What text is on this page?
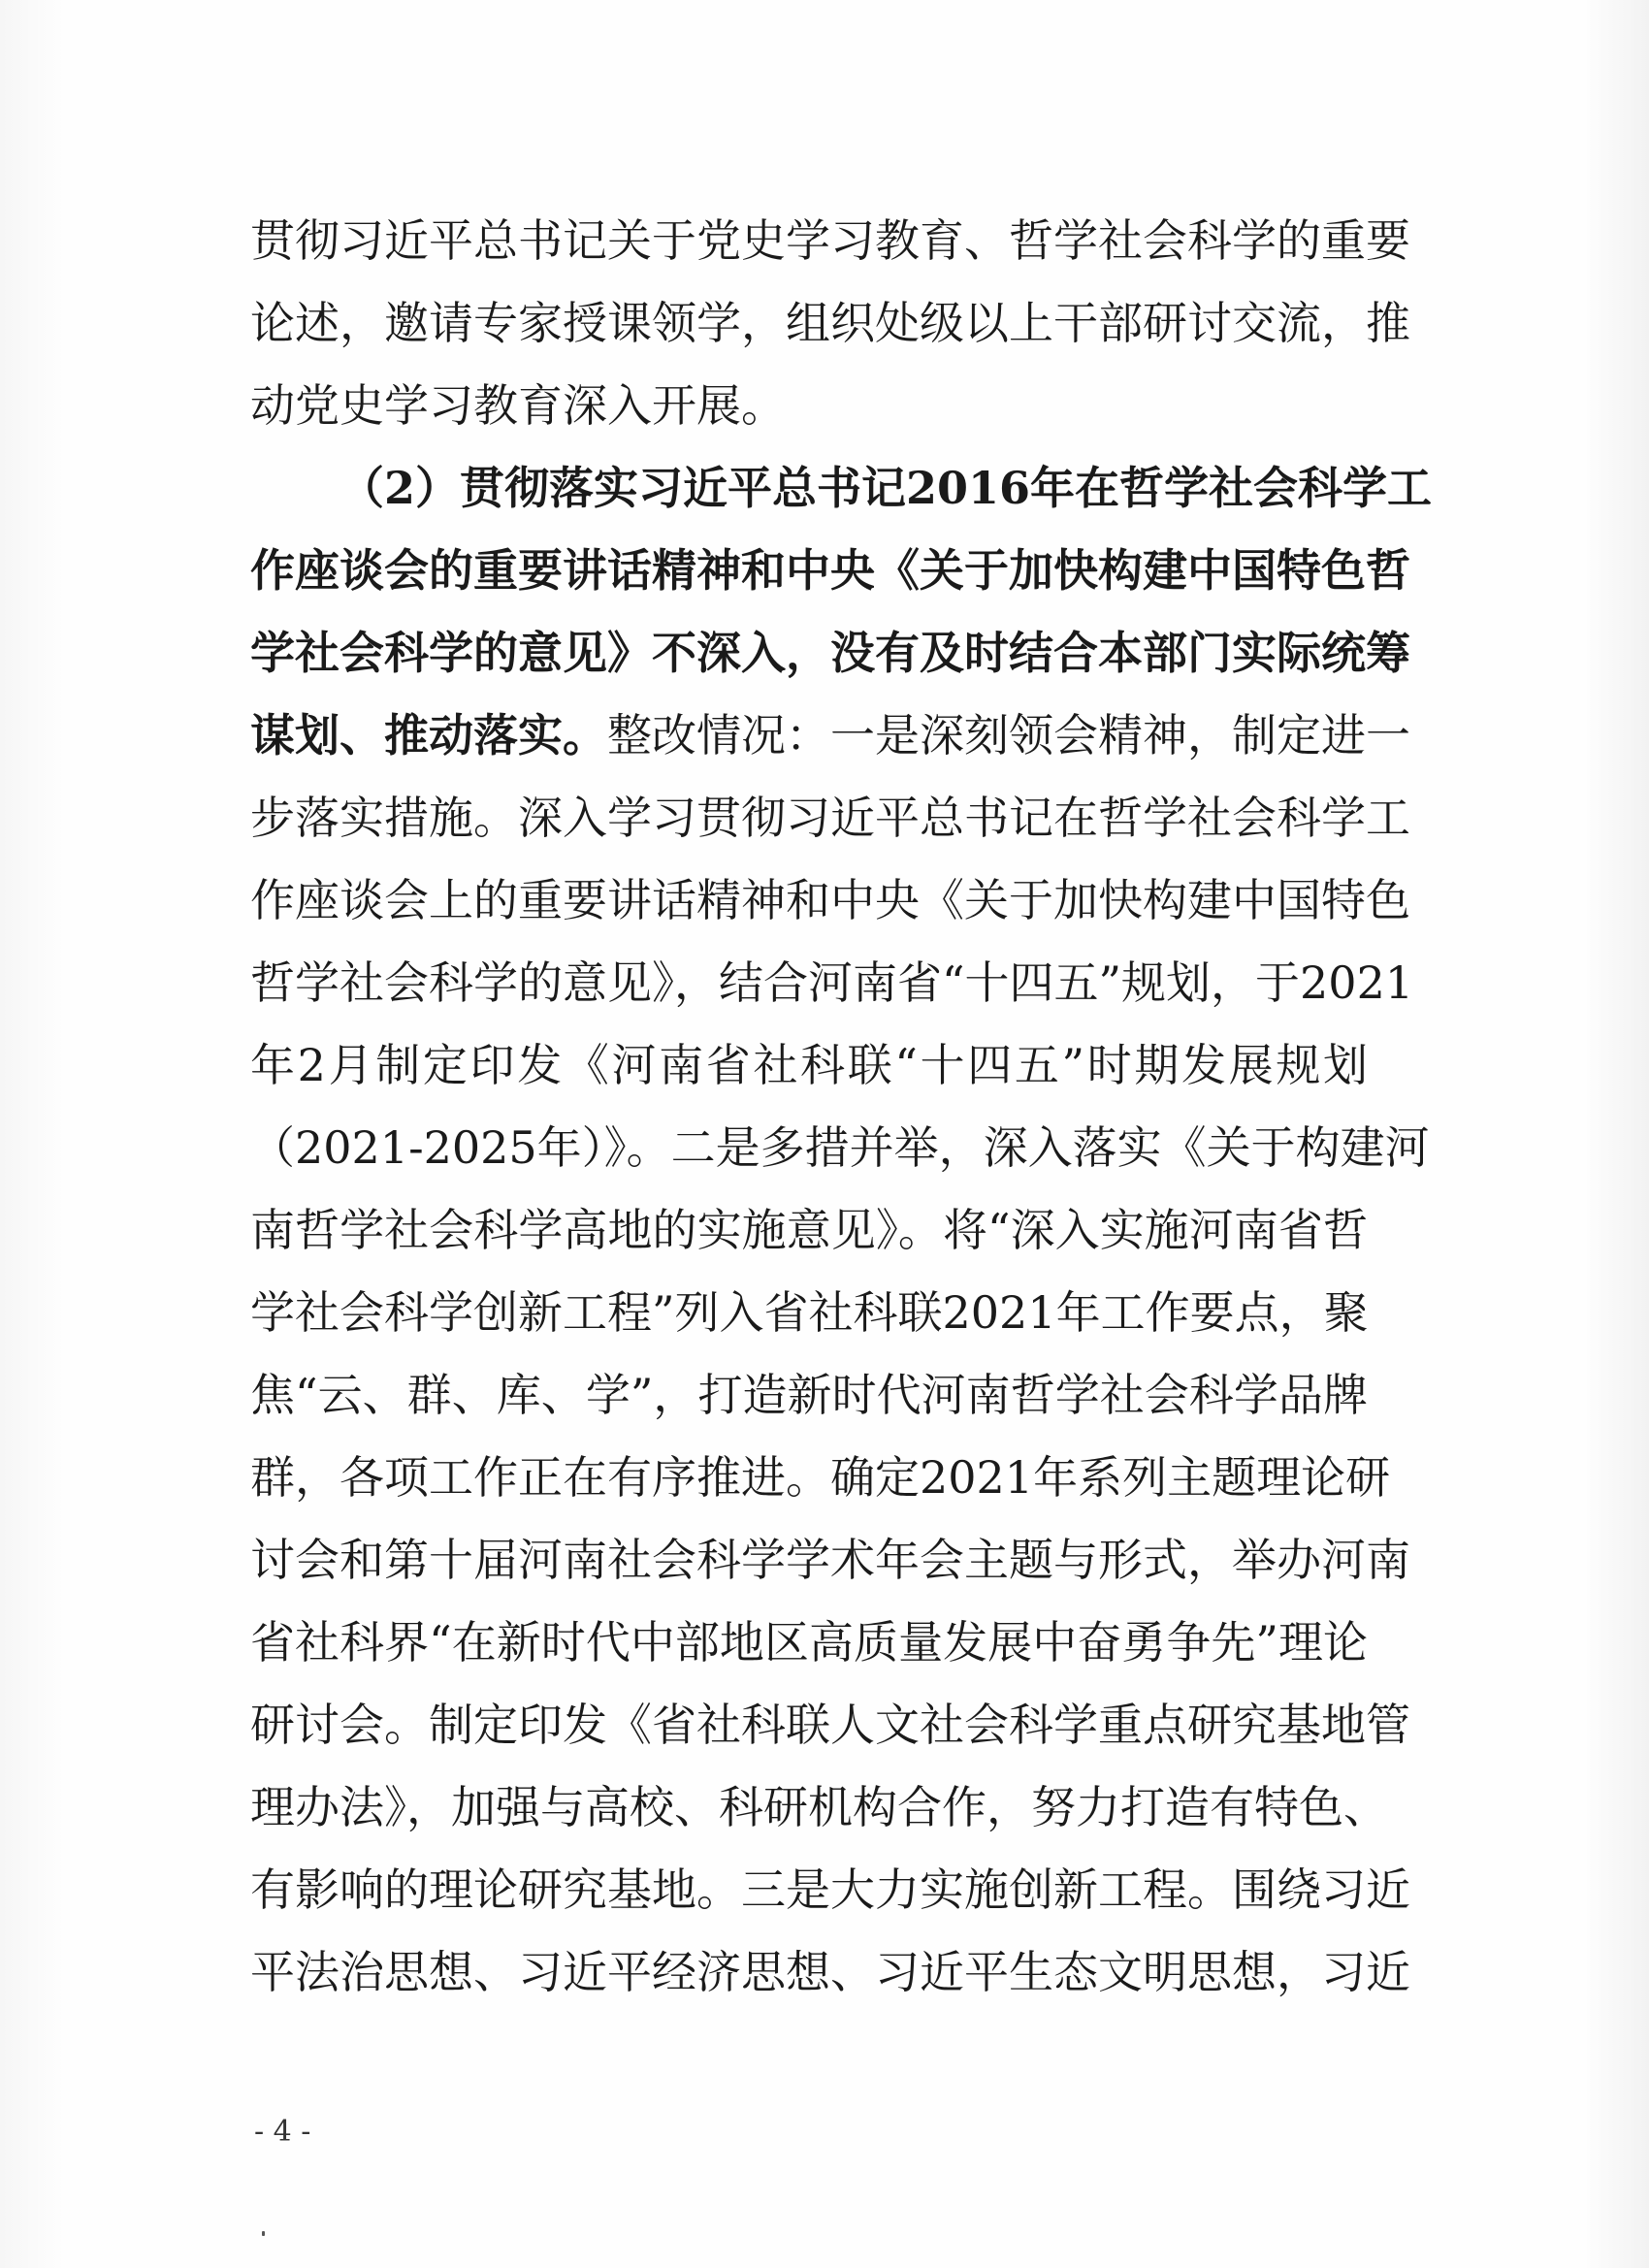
贯彻习近平总书记关于党史学习教育、哲学社会科学的重要
论述，邀请专家授课领学，组织处级以上干部研讨交流，推
动党史学习教育深入开展。
（2）贯彻落实习近平总书记2016年在哲学社会科学工
作座谈会的重要讲话精神和中央《关于加快构建中国特色哲
学社会科学的意见》不深入，没有及时结合本部门实际统筹
谋划、推动落实。整改情况：一是深刻领会精神，制定进一
步落实措施。深入学习贯彻习近平总书记在哲学社会科学工
作座谈会上的重要讲话精神和中央《关于加快构建中国特色
哲学社会科学的意见》，结合河南省“十四五”规划，于2021
年2月制定印发《河南省社科联“十四五”时期发展规划
（2021-2025年）》。二是多措并举，深入落实《关于构建河
南哲学社会科学高地的实施意见》。将“深入实施河南省哲
学社会科学创新工程”列入省社科联2021年工作要点，聚
焦“云、群、库、学”，打造新时代河南哲学社会科学品牌
群，各项工作正在有序推进。确定2021年系列主题理论研
讨会和第十届河南社会科学学术年会主题与形式，举办河南
省社科界“在新时代中部地区高质量发展中奋勇争先”理论
研讨会。制定印发《省社科联人文社会科学重点研究基地管
理办法》，加强与高校、科研机构合作，努力打造有特色、
有影响的理论研究基地。三是大力实施创新工程。围绕习近
平法治思想、习近平经济思想、习近平生态文明思想，习近
- 4 -
